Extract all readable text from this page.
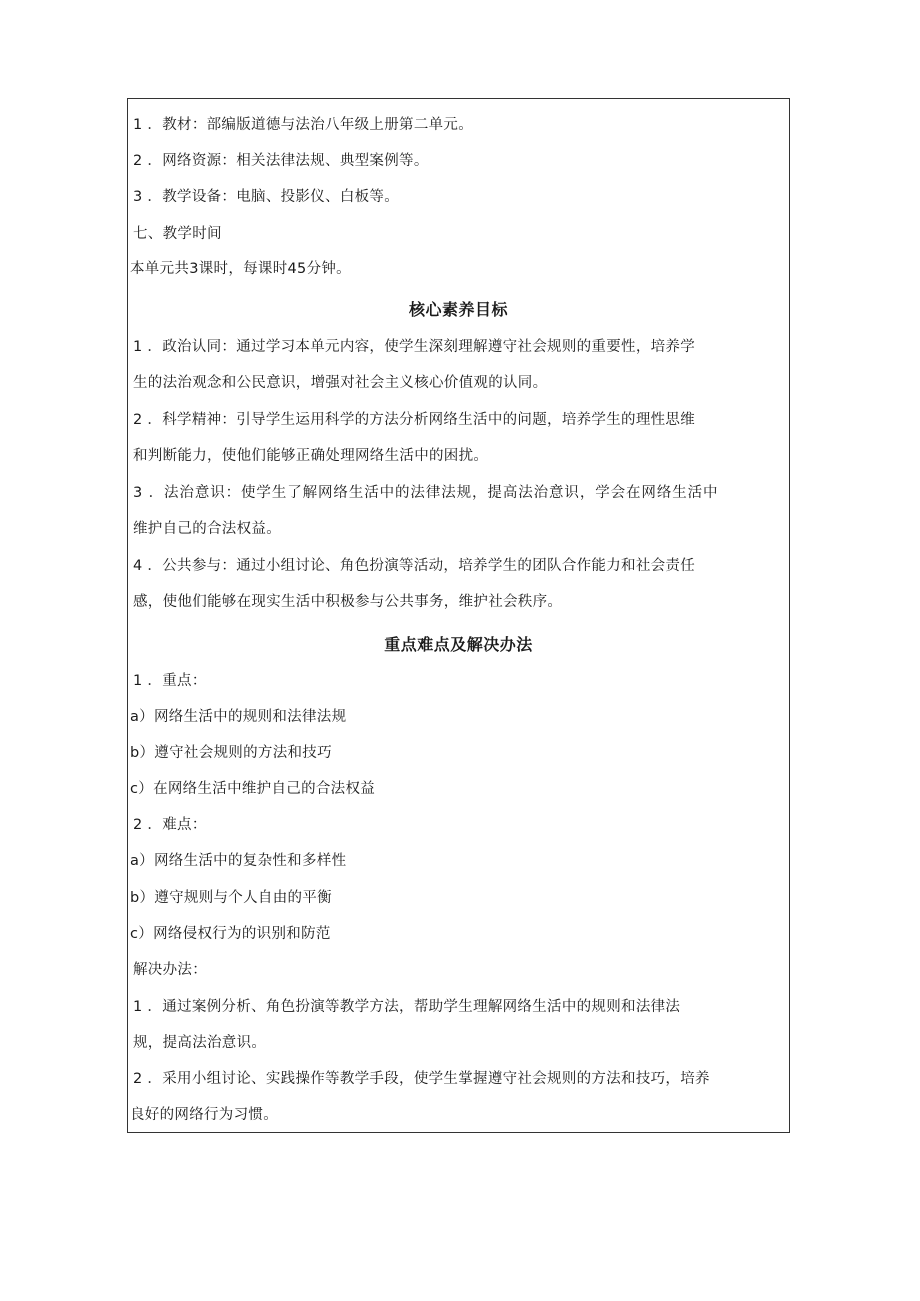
1 ．教材：部编版道德与法治八年级上册第二单元。
2 ．网络资源：相关法律法规、典型案例等。
3 ．教学设备：电脑、投影仪、白板等。
七、教学时间
本单元共3课时，每课时45分钟。
核心素养目标
1 ．政治认同：通过学习本单元内容，使学生深刻理解遵守社会规则的重要性，培养学
生的法治观念和公民意识，增强对社会主义核心价值观的认同。
2 ．科学精神：引导学生运用科学的方法分析网络生活中的问题，培养学生的理性思维
和判断能力，使他们能够正确处理网络生活中的困扰。
3 ．法治意识：使学生了解网络生活中的法律法规，提高法治意识，学会在网络生活中
维护自己的合法权益。
4 ．公共参与：通过小组讨论、角色扮演等活动，培养学生的团队合作能力和社会责任
感，使他们能够在现实生活中积极参与公共事务，维护社会秩序。
重点难点及解决办法
1 ．重点：
a）网络生活中的规则和法律法规
b）遵守社会规则的方法和技巧
c）在网络生活中维护自己的合法权益
2 ．难点：
a）网络生活中的复杂性和多样性
b）遵守规则与个人自由的平衡
c）网络侵权行为的识别和防范
解决办法：
1 ．通过案例分析、角色扮演等教学方法，帮助学生理解网络生活中的规则和法律法
规，提高法治意识。
2 ．采用小组讨论、实践操作等教学手段，使学生掌握遵守社会规则的方法和技巧，培养
良好的网络行为习惯。
